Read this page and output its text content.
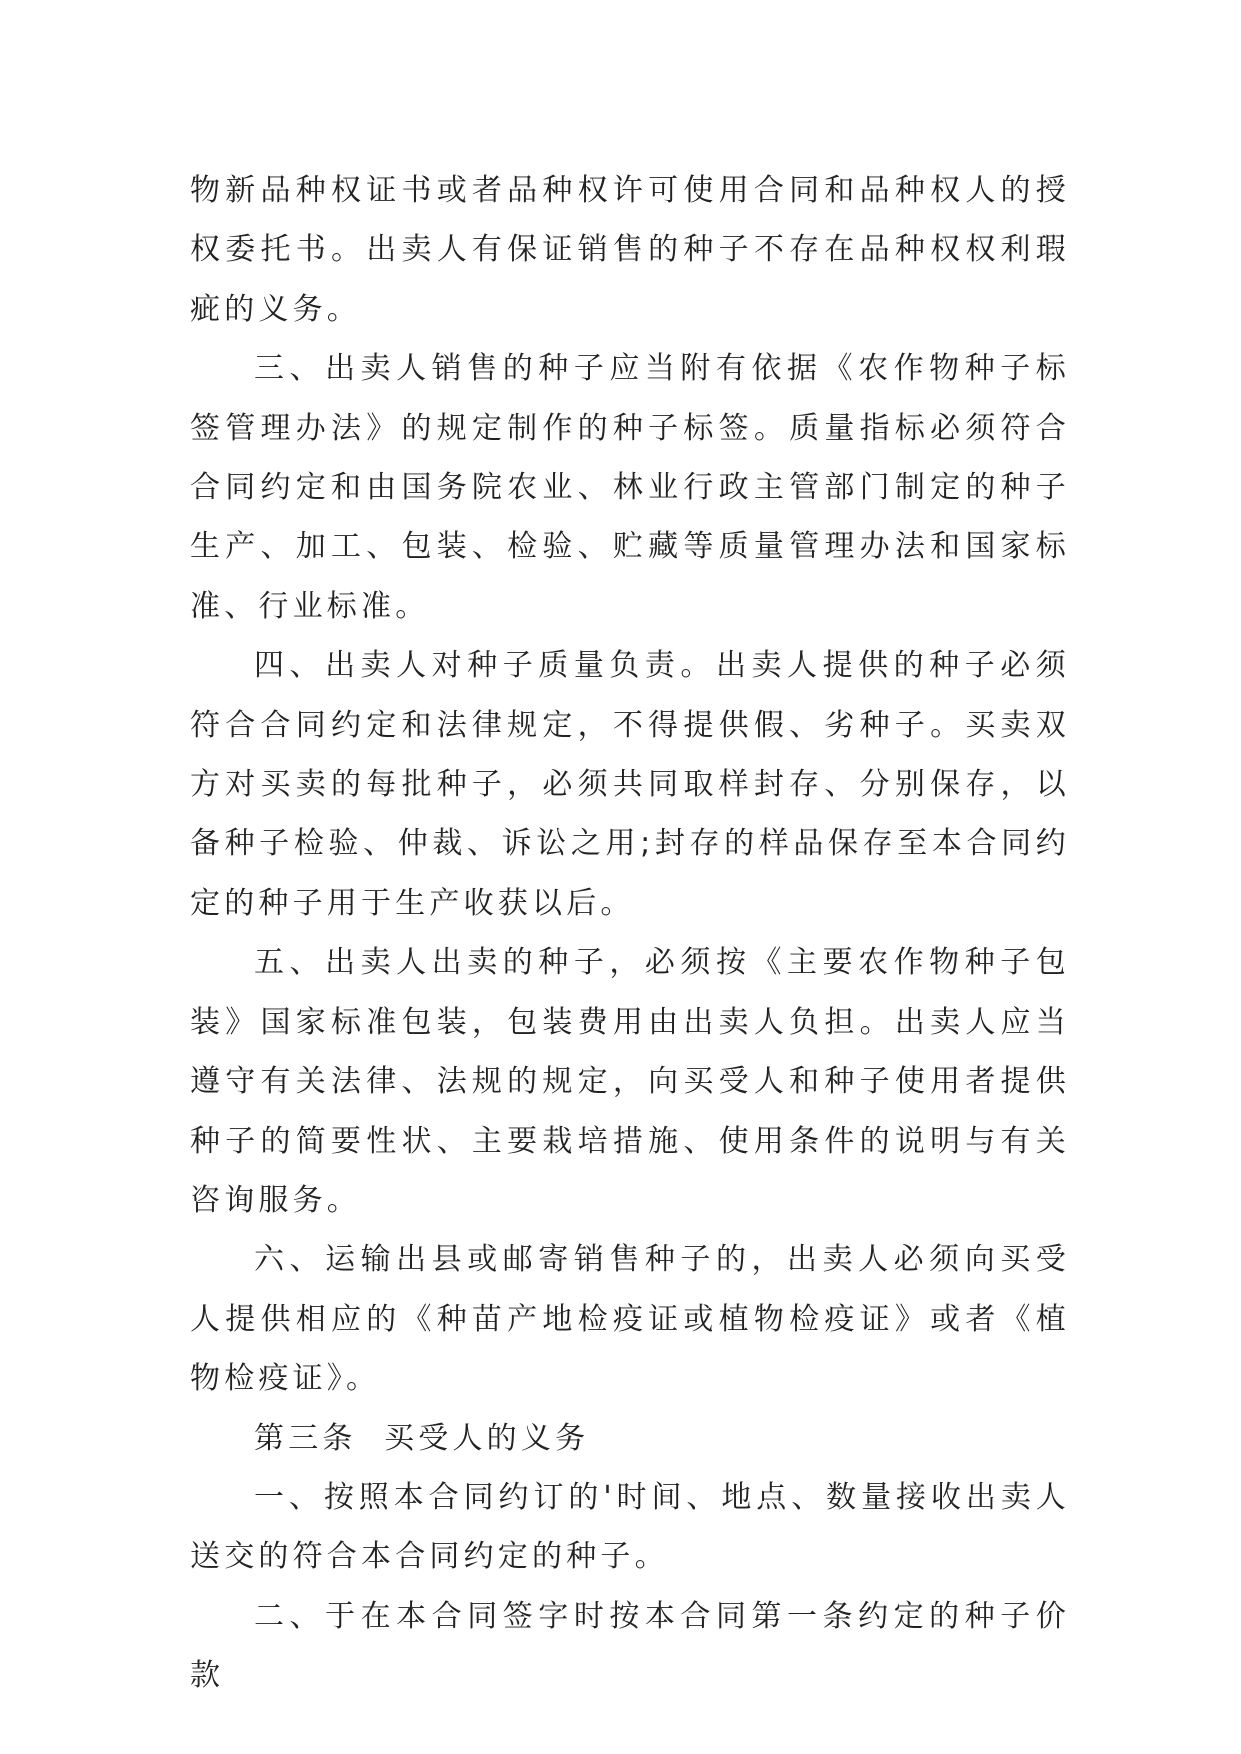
物新品种权证书或者品种权许可使用合同和品种权人的授权委托书。出卖人有保证销售的种子不存在品种权权利瑕疵的义务。

三、出卖人销售的种子应当附有依据《农作物种子标签管理办法》的规定制作的种子标签。质量指标必须符合合同约定和由国务院农业、林业行政主管部门制定的种子生产、加工、包装、检验、贮藏等质量管理办法和国家标准、行业标准。

四、出卖人对种子质量负责。出卖人提供的种子必须符合合同约定和法律规定，不得提供假、劣种子。买卖双方对买卖的每批种子，必须共同取样封存、分别保存，以备种子检验、仲裁、诉讼之用;封存的样品保存至本合同约定的种子用于生产收获以后。

五、出卖人出卖的种子，必须按《主要农作物种子包装》国家标准包装，包装费用由出卖人负担。出卖人应当遵守有关法律、法规的规定，向买受人和种子使用者提供种子的简要性状、主要栽培措施、使用条件的说明与有关咨询服务。

六、运输出县或邮寄销售种子的，出卖人必须向买受人提供相应的《种苗产地检疫证或植物检疫证》或者《植物检疫证》。

第三条  买受人的义务

一、按照本合同约订的'时间、地点、数量接收出卖人送交的符合本合同约定的种子。

二、于在本合同签字时按本合同第一条约定的种子价款
